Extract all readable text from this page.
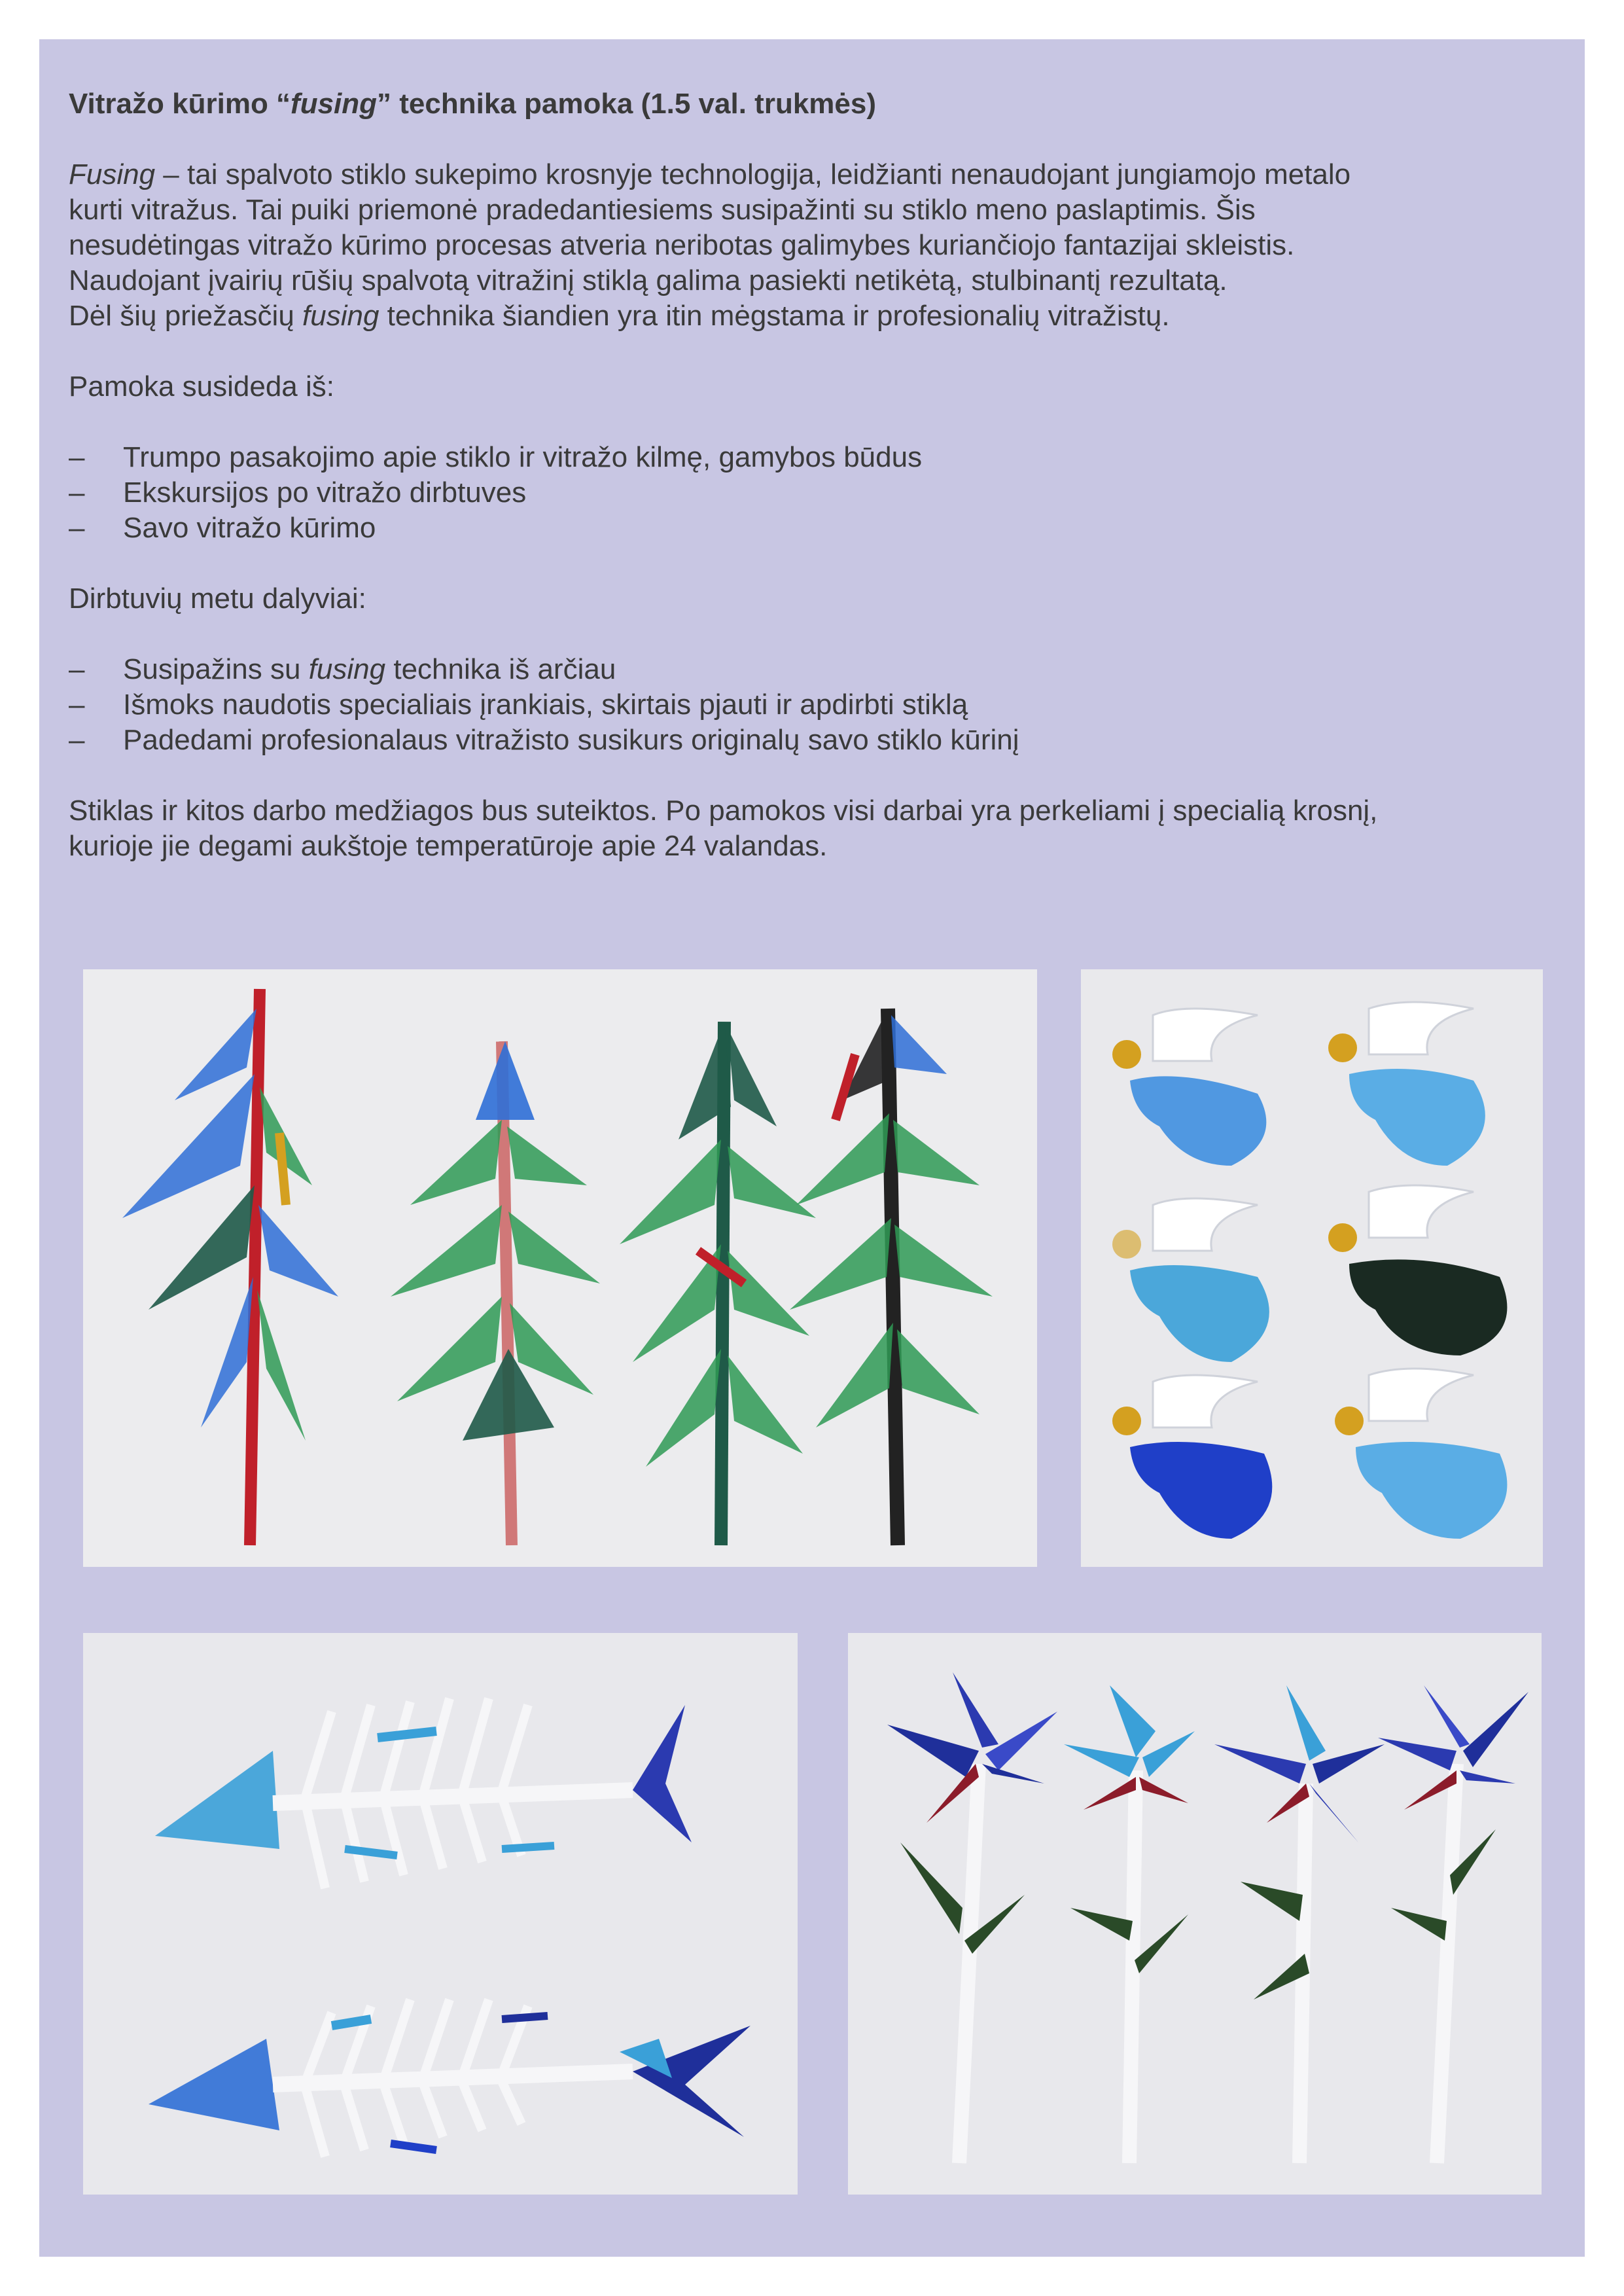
Vitražo kūrimo “fusing” technika pamoka (1.5 val. trukmės)

Fusing – tai spalvoto stiklo sukepimo krosnyje technologija, leidžianti nenaudojant jungiamojo metalo

kurti vitražus. Tai puiki priemonė pradedantiesiems susipažinti su stiklo meno paslaptimis. Šis

nesudėtingas vitražo kūrimo procesas atveria neribotas galimybes kuriančiojo fantazijai skleistis.

Naudojant įvairių rūšių spalvotą vitražinį stiklą galima pasiekti netikėtą, stulbinantį rezultatą.

Dėl šių priežasčių fusing technika šiandien yra itin mėgstama ir profesionalių vitražistų.

Pamoka susideda iš:

– Trumpo pasakojimo apie stiklo ir vitražo kilmę, gamybos būdus
– Ekskursijos po vitražo dirbtuves
– Savo vitražo kūrimo

Dirbtuvių metu dalyviai:

– Susipažins su fusing technika iš arčiau
– Išmoks naudotis specialiais įrankiais, skirtais pjauti ir apdirbti stiklą
– Padedami profesionalaus vitražisto susikurs originalų savo stiklo kūrinį

Stiklas ir kitos darbo medžiagos bus suteiktos. Po pamokos visi darbai yra perkeliami į specialią krosnį,

kurioje jie degami aukštoje temperatūroje apie 24 valandas.
